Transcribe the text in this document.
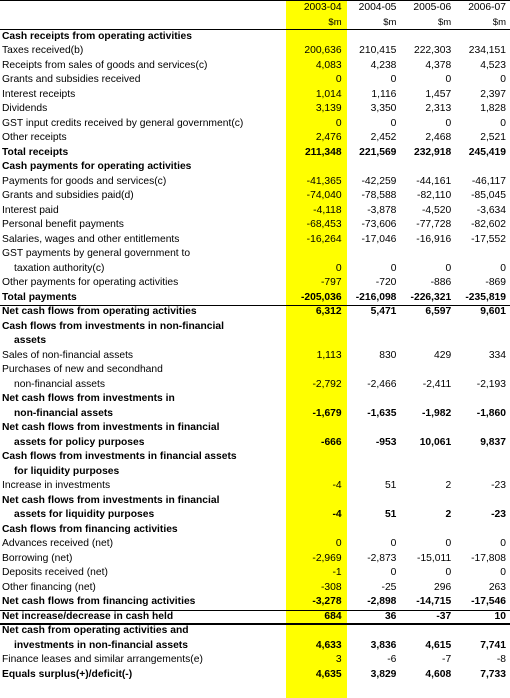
2003-04	2004-05	2005-06	2006-07
$m	$m	$m	$m
Cash receipts from operating activities
Taxes received(b)	200,636	210,415	222,303	234,151
Receipts from sales of goods and services(c)	4,083	4,238	4,378	4,523
Grants and subsidies received	0	0	0	0
Interest receipts	1,014	1,116	1,457	2,397
Dividends	3,139	3,350	2,313	1,828
GST input credits received by general government(c)	0	0	0	0
Other receipts	2,476	2,452	2,468	2,521
Total receipts	211,348	221,569	232,918	245,419
Cash payments for operating activities
Payments for goods and services(c)	-41,365	-42,259	-44,161	-46,117
Grants and subsidies paid(d)	-74,040	-78,588	-82,110	-85,045
Interest paid	-4,118	-3,878	-4,520	-3,634
Personal benefit payments	-68,453	-73,606	-77,728	-82,602
Salaries, wages and other entitlements	-16,264	-17,046	-16,916	-17,552
GST payments by general government to
taxation authority(c)	0	0	0	0
Other payments for operating activities	-797	-720	-886	-869
Total payments	-205,036	-216,098	-226,321	-235,819
Net cash flows from operating activities	6,312	5,471	6,597	9,601
Cash flows from investments in non-financial
assets
Sales of non-financial assets	1,113	830	429	334
Purchases of new and secondhand
non-financial assets	-2,792	-2,466	-2,411	-2,193
Net cash flows from investments in
non-financial assets	-1,679	-1,635	-1,982	-1,860
Net cash flows from investments in financial
assets for policy purposes	-666	-953	10,061	9,837
Cash flows from investments in financial assets
for liquidity purposes
Increase in investments	-4	51	2	-23
Net cash flows from investments in financial
assets for liquidity purposes	-4	51	2	-23
Cash flows from financing activities
Advances received (net)	0	0	0	0
Borrowing (net)	-2,969	-2,873	-15,011	-17,808
Deposits received (net)	-1	0	0	0
Other financing (net)	-308	-25	296	263
Net cash flows from financing activities	-3,278	-2,898	-14,715	-17,546
Net increase/decrease in cash held	684	36	-37	10
Net cash from operating activities and
investments in non-financial assets	4,633	3,836	4,615	7,741
Finance leases and similar arrangements(e)	3	-6	-7	-8
Equals surplus(+)/deficit(-)	4,635	3,829	4,608	7,733
